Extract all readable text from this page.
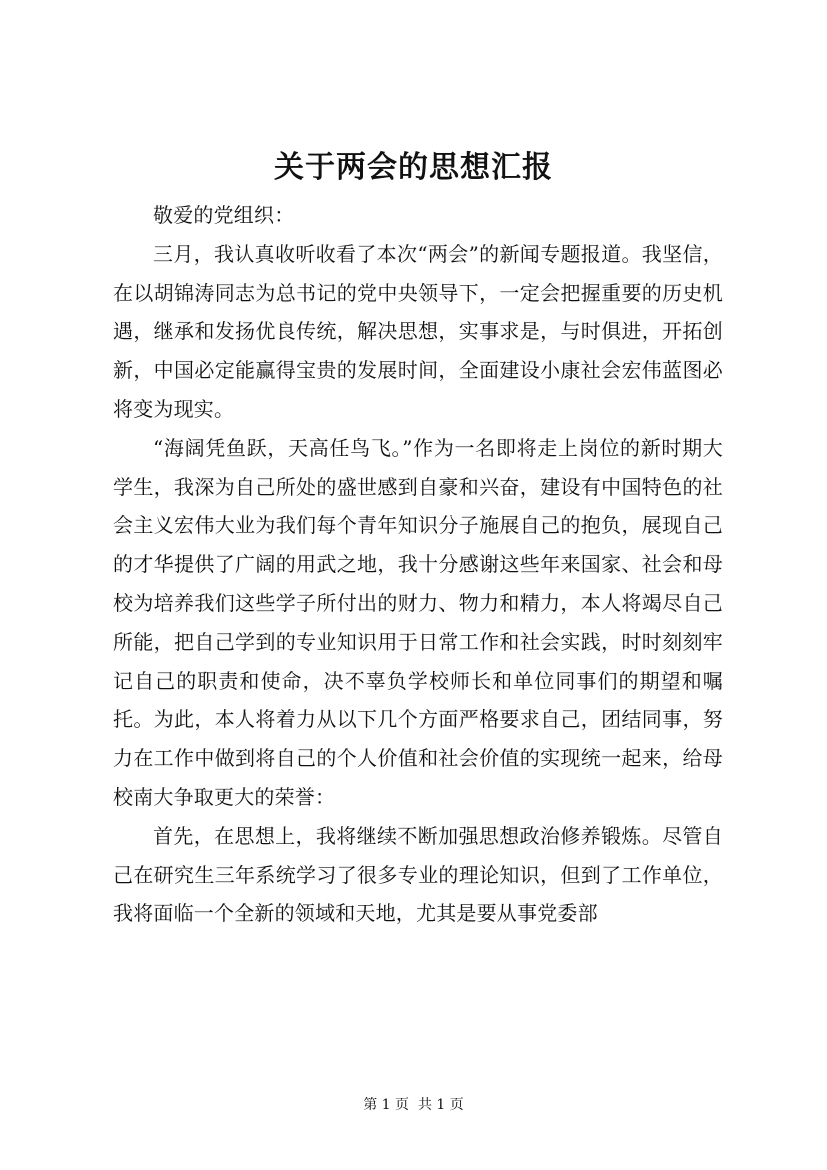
关于两会的思想汇报

敬爱的党组织：

三月，我认真收听收看了本次“两会”的新闻专题报道。我坚信，在以胡锦涛同志为总书记的党中央领导下，一定会把握重要的历史机遇，继承和发扬优良传统，解决思想，实事求是，与时俱进，开拓创新，中国必定能赢得宝贵的发展时间，全面建设小康社会宏伟蓝图必将变为现实。

“海阔凭鱼跃，天高任鸟飞。”作为一名即将走上岗位的新时期大学生，我深为自己所处的盛世感到自豪和兴奋，建设有中国特色的社会主义宏伟大业为我们每个青年知识分子施展自己的抱负，展现自己的才华提供了广阔的用武之地，我十分感谢这些年来国家、社会和母校为培养我们这些学子所付出的财力、物力和精力，本人将竭尽自己所能，把自己学到的专业知识用于日常工作和社会实践，时时刻刻牢记自己的职责和使命，决不辜负学校师长和单位同事们的期望和嘱托。为此，本人将着力从以下几个方面严格要求自己，团结同事，努力在工作中做到将自己的个人价值和社会价值的实现统一起来，给母校南大争取更大的荣誉：

首先，在思想上，我将继续不断加强思想政治修养锻炼。尽管自己在研究生三年系统学习了很多专业的理论知识，但到了工作单位，我将面临一个全新的领域和天地，尤其是要从事党委部

第 1 页  共 1 页
